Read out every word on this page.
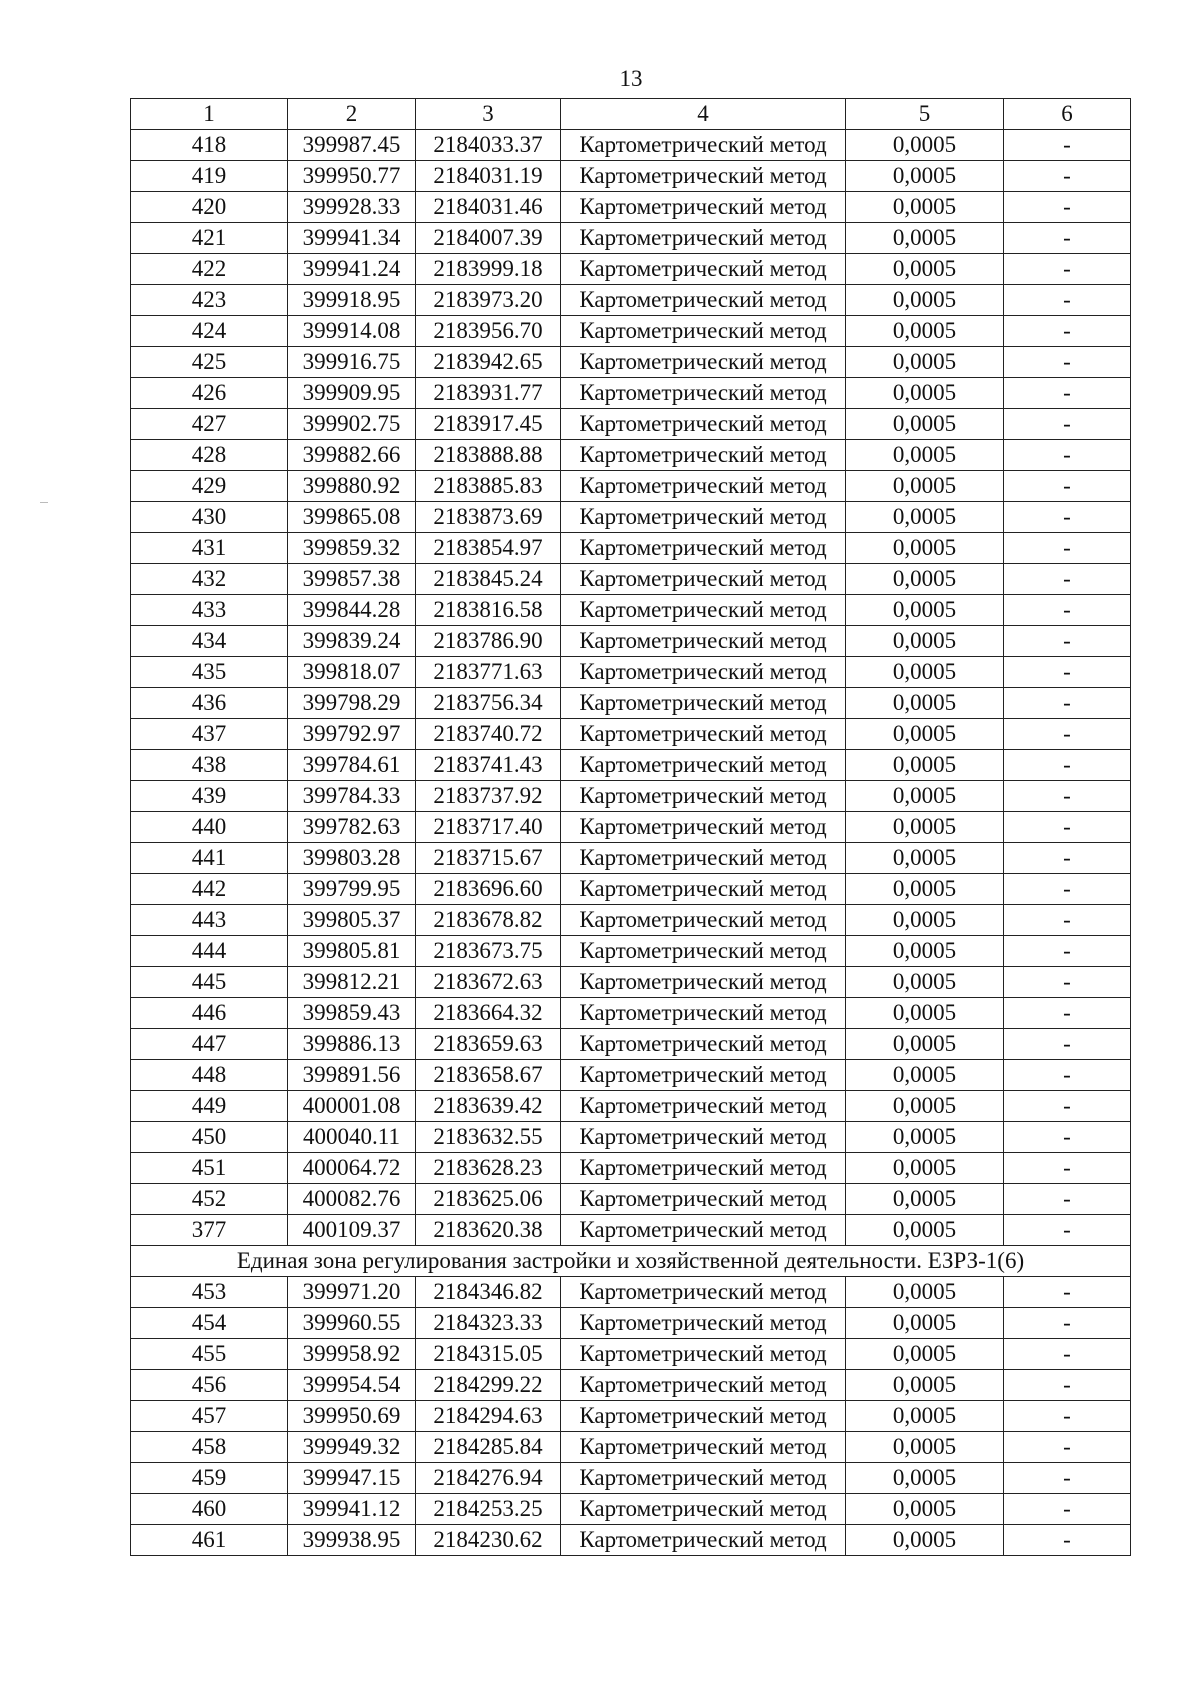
13
1	2	3	4	5	6
418	399987.45	2184033.37	Картометрический метод	0,0005	-
419	399950.77	2184031.19	Картометрический метод	0,0005	-
420	399928.33	2184031.46	Картометрический метод	0,0005	-
421	399941.34	2184007.39	Картометрический метод	0,0005	-
422	399941.24	2183999.18	Картометрический метод	0,0005	-
423	399918.95	2183973.20	Картометрический метод	0,0005	-
424	399914.08	2183956.70	Картометрический метод	0,0005	-
425	399916.75	2183942.65	Картометрический метод	0,0005	-
426	399909.95	2183931.77	Картометрический метод	0,0005	-
427	399902.75	2183917.45	Картометрический метод	0,0005	-
428	399882.66	2183888.88	Картометрический метод	0,0005	-
429	399880.92	2183885.83	Картометрический метод	0,0005	-
430	399865.08	2183873.69	Картометрический метод	0,0005	-
431	399859.32	2183854.97	Картометрический метод	0,0005	-
432	399857.38	2183845.24	Картометрический метод	0,0005	-
433	399844.28	2183816.58	Картометрический метод	0,0005	-
434	399839.24	2183786.90	Картометрический метод	0,0005	-
435	399818.07	2183771.63	Картометрический метод	0,0005	-
436	399798.29	2183756.34	Картометрический метод	0,0005	-
437	399792.97	2183740.72	Картометрический метод	0,0005	-
438	399784.61	2183741.43	Картометрический метод	0,0005	-
439	399784.33	2183737.92	Картометрический метод	0,0005	-
440	399782.63	2183717.40	Картометрический метод	0,0005	-
441	399803.28	2183715.67	Картометрический метод	0,0005	-
442	399799.95	2183696.60	Картометрический метод	0,0005	-
443	399805.37	2183678.82	Картометрический метод	0,0005	-
444	399805.81	2183673.75	Картометрический метод	0,0005	-
445	399812.21	2183672.63	Картометрический метод	0,0005	-
446	399859.43	2183664.32	Картометрический метод	0,0005	-
447	399886.13	2183659.63	Картометрический метод	0,0005	-
448	399891.56	2183658.67	Картометрический метод	0,0005	-
449	400001.08	2183639.42	Картометрический метод	0,0005	-
450	400040.11	2183632.55	Картометрический метод	0,0005	-
451	400064.72	2183628.23	Картометрический метод	0,0005	-
452	400082.76	2183625.06	Картометрический метод	0,0005	-
377	400109.37	2183620.38	Картометрический метод	0,0005	-
Единая зона регулирования застройки и хозяйственной деятельности. ЕЗРЗ-1(6)					
453	399971.20	2184346.82	Картометрический метод	0,0005	-
454	399960.55	2184323.33	Картометрический метод	0,0005	-
455	399958.92	2184315.05	Картометрический метод	0,0005	-
456	399954.54	2184299.22	Картометрический метод	0,0005	-
457	399950.69	2184294.63	Картометрический метод	0,0005	-
458	399949.32	2184285.84	Картометрический метод	0,0005	-
459	399947.15	2184276.94	Картометрический метод	0,0005	-
460	399941.12	2184253.25	Картометрический метод	0,0005	-
461	399938.95	2184230.62	Картометрический метод	0,0005	-
